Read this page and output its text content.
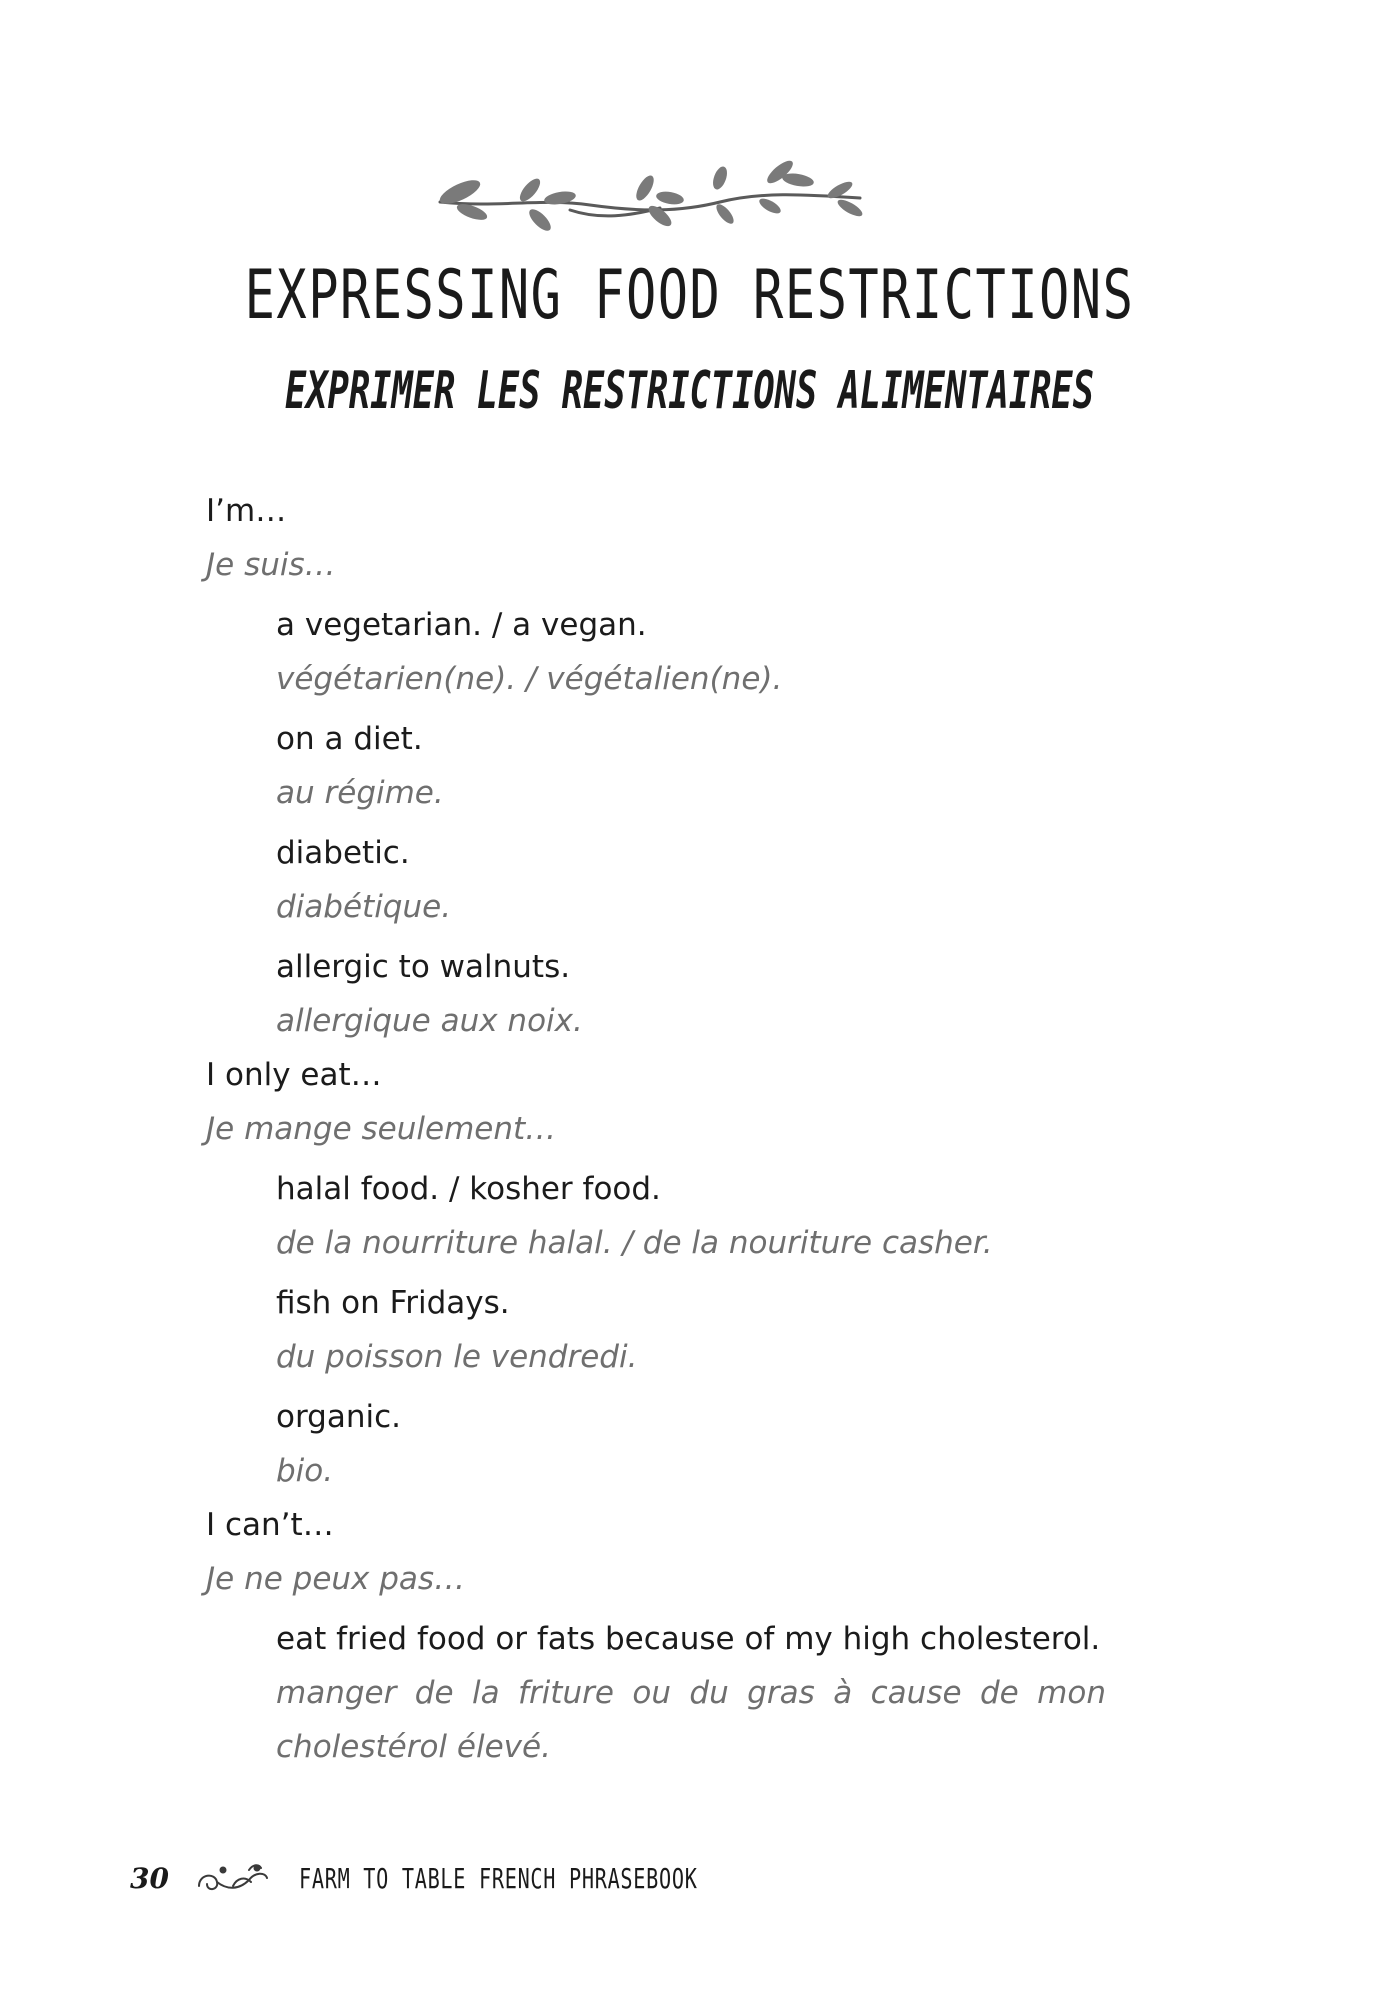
EXPRESSING FOOD RESTRICTIONS
EXPRIMER LES RESTRICTIONS ALIMENTAIRES
I’m…
Je suis…
a vegetarian. / a vegan.
végétarien(ne). / végétalien(ne).
on a diet.
au régime.
diabetic.
diabétique.
allergic to walnuts.
allergique aux noix.
I only eat…
Je mange seulement…
halal food. / kosher food.
de la nourriture halal. / de la nouriture casher.
fish on Fridays.
du poisson le vendredi.
organic.
bio.
I can’t…
Je ne peux pas…
eat fried food or fats because of my high cholesterol.
manger de la friture ou du gras à cause de mon cholestérol élevé.
30	FARM TO TABLE FRENCH PHRASEBOOK
